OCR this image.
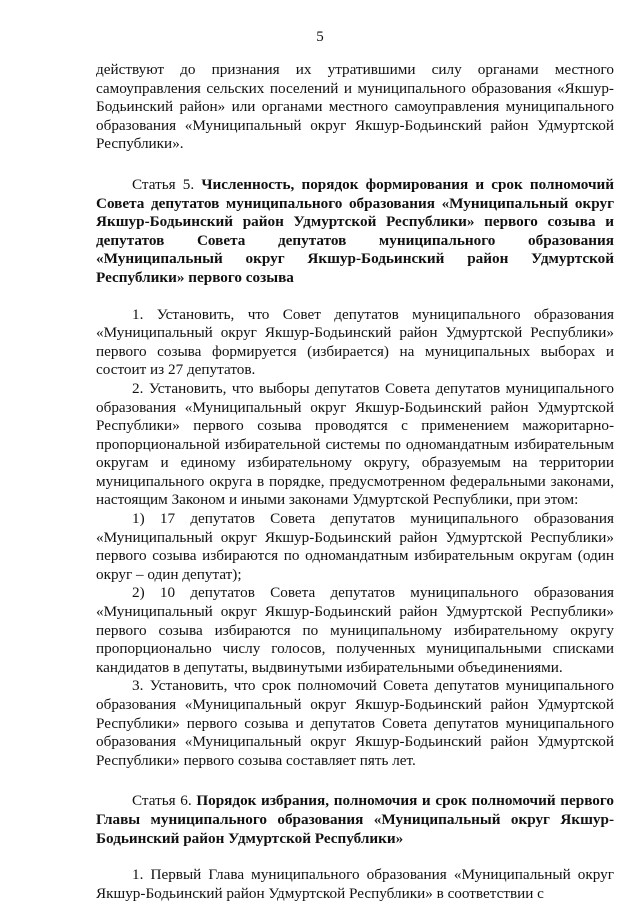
5

действуют до признания их утратившими силу органами местного самоуправления сельских поселений и муниципального образования «Якшур-Бодьинский район» или органами местного самоуправления муниципального образования «Муниципальный округ Якшур-Бодьинский район Удмуртской Республики».

Статья 5. Численность, порядок формирования и срок полномочий Совета депутатов муниципального образования «Муниципальный округ Якшур-Бодьинский район Удмуртской Республики» первого созыва и депутатов Совета депутатов муниципального образования «Муниципальный округ Якшур-Бодьинский район Удмуртской Республики» первого созыва

1. Установить, что Совет депутатов муниципального образования «Муниципальный округ Якшур-Бодьинский район Удмуртской Республики» первого созыва формируется (избирается) на муниципальных выборах и состоит из 27 депутатов.

2. Установить, что выборы депутатов Совета депутатов муниципального образования «Муниципальный округ Якшур-Бодьинский район Удмуртской Республики» первого созыва проводятся с применением мажоритарно-пропорциональной избирательной системы по одномандатным избирательным округам и единому избирательному округу, образуемым на территории муниципального округа в порядке, предусмотренном федеральными законами, настоящим Законом и иными законами Удмуртской Республики, при этом:

1) 17 депутатов Совета депутатов муниципального образования «Муниципальный округ Якшур-Бодьинский район Удмуртской Республики» первого созыва избираются по одномандатным избирательным округам (один округ – один депутат);

2) 10 депутатов Совета депутатов муниципального образования «Муниципальный округ Якшур-Бодьинский район Удмуртской Республики» первого созыва избираются по муниципальному избирательному округу пропорционально числу голосов, полученных муниципальными списками кандидатов в депутаты, выдвинутыми избирательными объединениями.

3. Установить, что срок полномочий Совета депутатов муниципального образования «Муниципальный округ Якшур-Бодьинский район Удмуртской Республики» первого созыва и депутатов Совета депутатов муниципального образования «Муниципальный округ Якшур-Бодьинский район Удмуртской Республики» первого созыва составляет пять лет.

Статья 6. Порядок избрания, полномочия и срок полномочий первого Главы муниципального образования «Муниципальный округ Якшур-Бодьинский район Удмуртской Республики»

1. Первый Глава муниципального образования «Муниципальный округ Якшур-Бодьинский район Удмуртской Республики» в соответствии с
